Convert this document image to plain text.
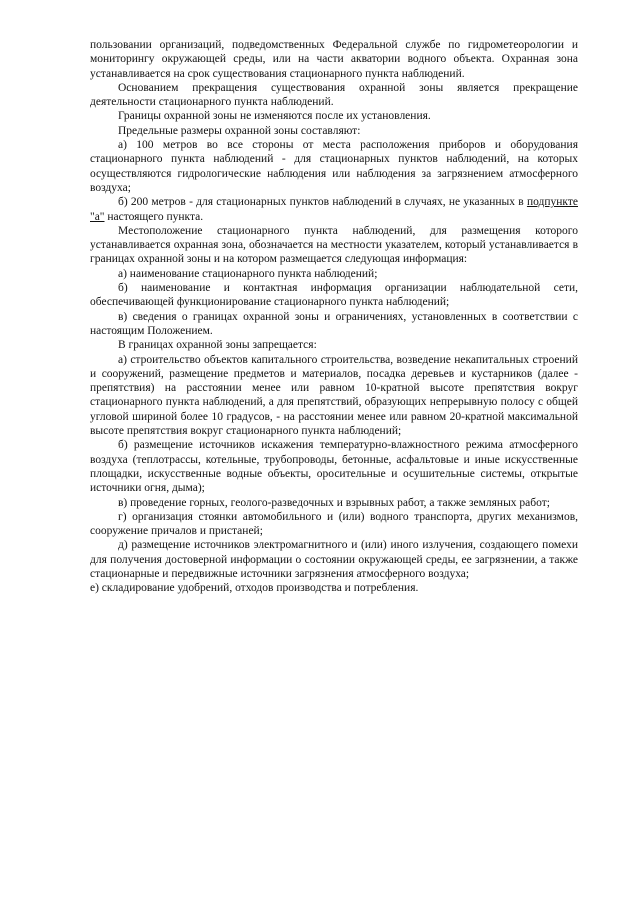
пользовании организаций, подведомственных Федеральной службе по гидрометеорологии и мониторингу окружающей среды, или на части акватории водного объекта. Охранная зона устанавливается на срок существования стационарного пункта наблюдений.

Основанием прекращения существования охранной зоны является прекращение деятельности стационарного пункта наблюдений.

Границы охранной зоны не изменяются после их установления.

Предельные размеры охранной зоны составляют:

а) 100 метров во все стороны от места расположения приборов и оборудования стационарного пункта наблюдений - для стационарных пунктов наблюдений, на которых осуществляются гидрологические наблюдения или наблюдения за загрязнением атмосферного воздуха;

б) 200 метров - для стационарных пунктов наблюдений в случаях, не указанных в подпункте "а" настоящего пункта.

Местоположение стационарного пункта наблюдений, для размещения которого устанавливается охранная зона, обозначается на местности указателем, который устанавливается в границах охранной зоны и на котором размещается следующая информация:

а) наименование стационарного пункта наблюдений;

б) наименование и контактная информация организации наблюдательной сети, обеспечивающей функционирование стационарного пункта наблюдений;

в) сведения о границах охранной зоны и ограничениях, установленных в соответствии с настоящим Положением.

В границах охранной зоны запрещается:

а) строительство объектов капитального строительства, возведение некапитальных строений и сооружений, размещение предметов и материалов, посадка деревьев и кустарников (далее - препятствия) на расстоянии менее или равном 10-кратной высоте препятствия вокруг стационарного пункта наблюдений, а для препятствий, образующих непрерывную полосу с общей угловой шириной более 10 градусов, - на расстоянии менее или равном 20-кратной максимальной высоте препятствия вокруг стационарного пункта наблюдений;

б) размещение источников искажения температурно-влажностного режима атмосферного воздуха (теплотрассы, котельные, трубопроводы, бетонные, асфальтовые и иные искусственные площадки, искусственные водные объекты, оросительные и осушительные системы, открытые источники огня, дыма);

в) проведение горных, геолого-разведочных и взрывных работ, а также земляных работ;

г) организация стоянки автомобильного и (или) водного транспорта, других механизмов, сооружение причалов и пристаней;

д) размещение источников электромагнитного и (или) иного излучения, создающего помехи для получения достоверной информации о состоянии окружающей среды, ее загрязнении, а также стационарные и передвижные источники загрязнения атмосферного воздуха;

е) складирование удобрений, отходов производства и потребления.
